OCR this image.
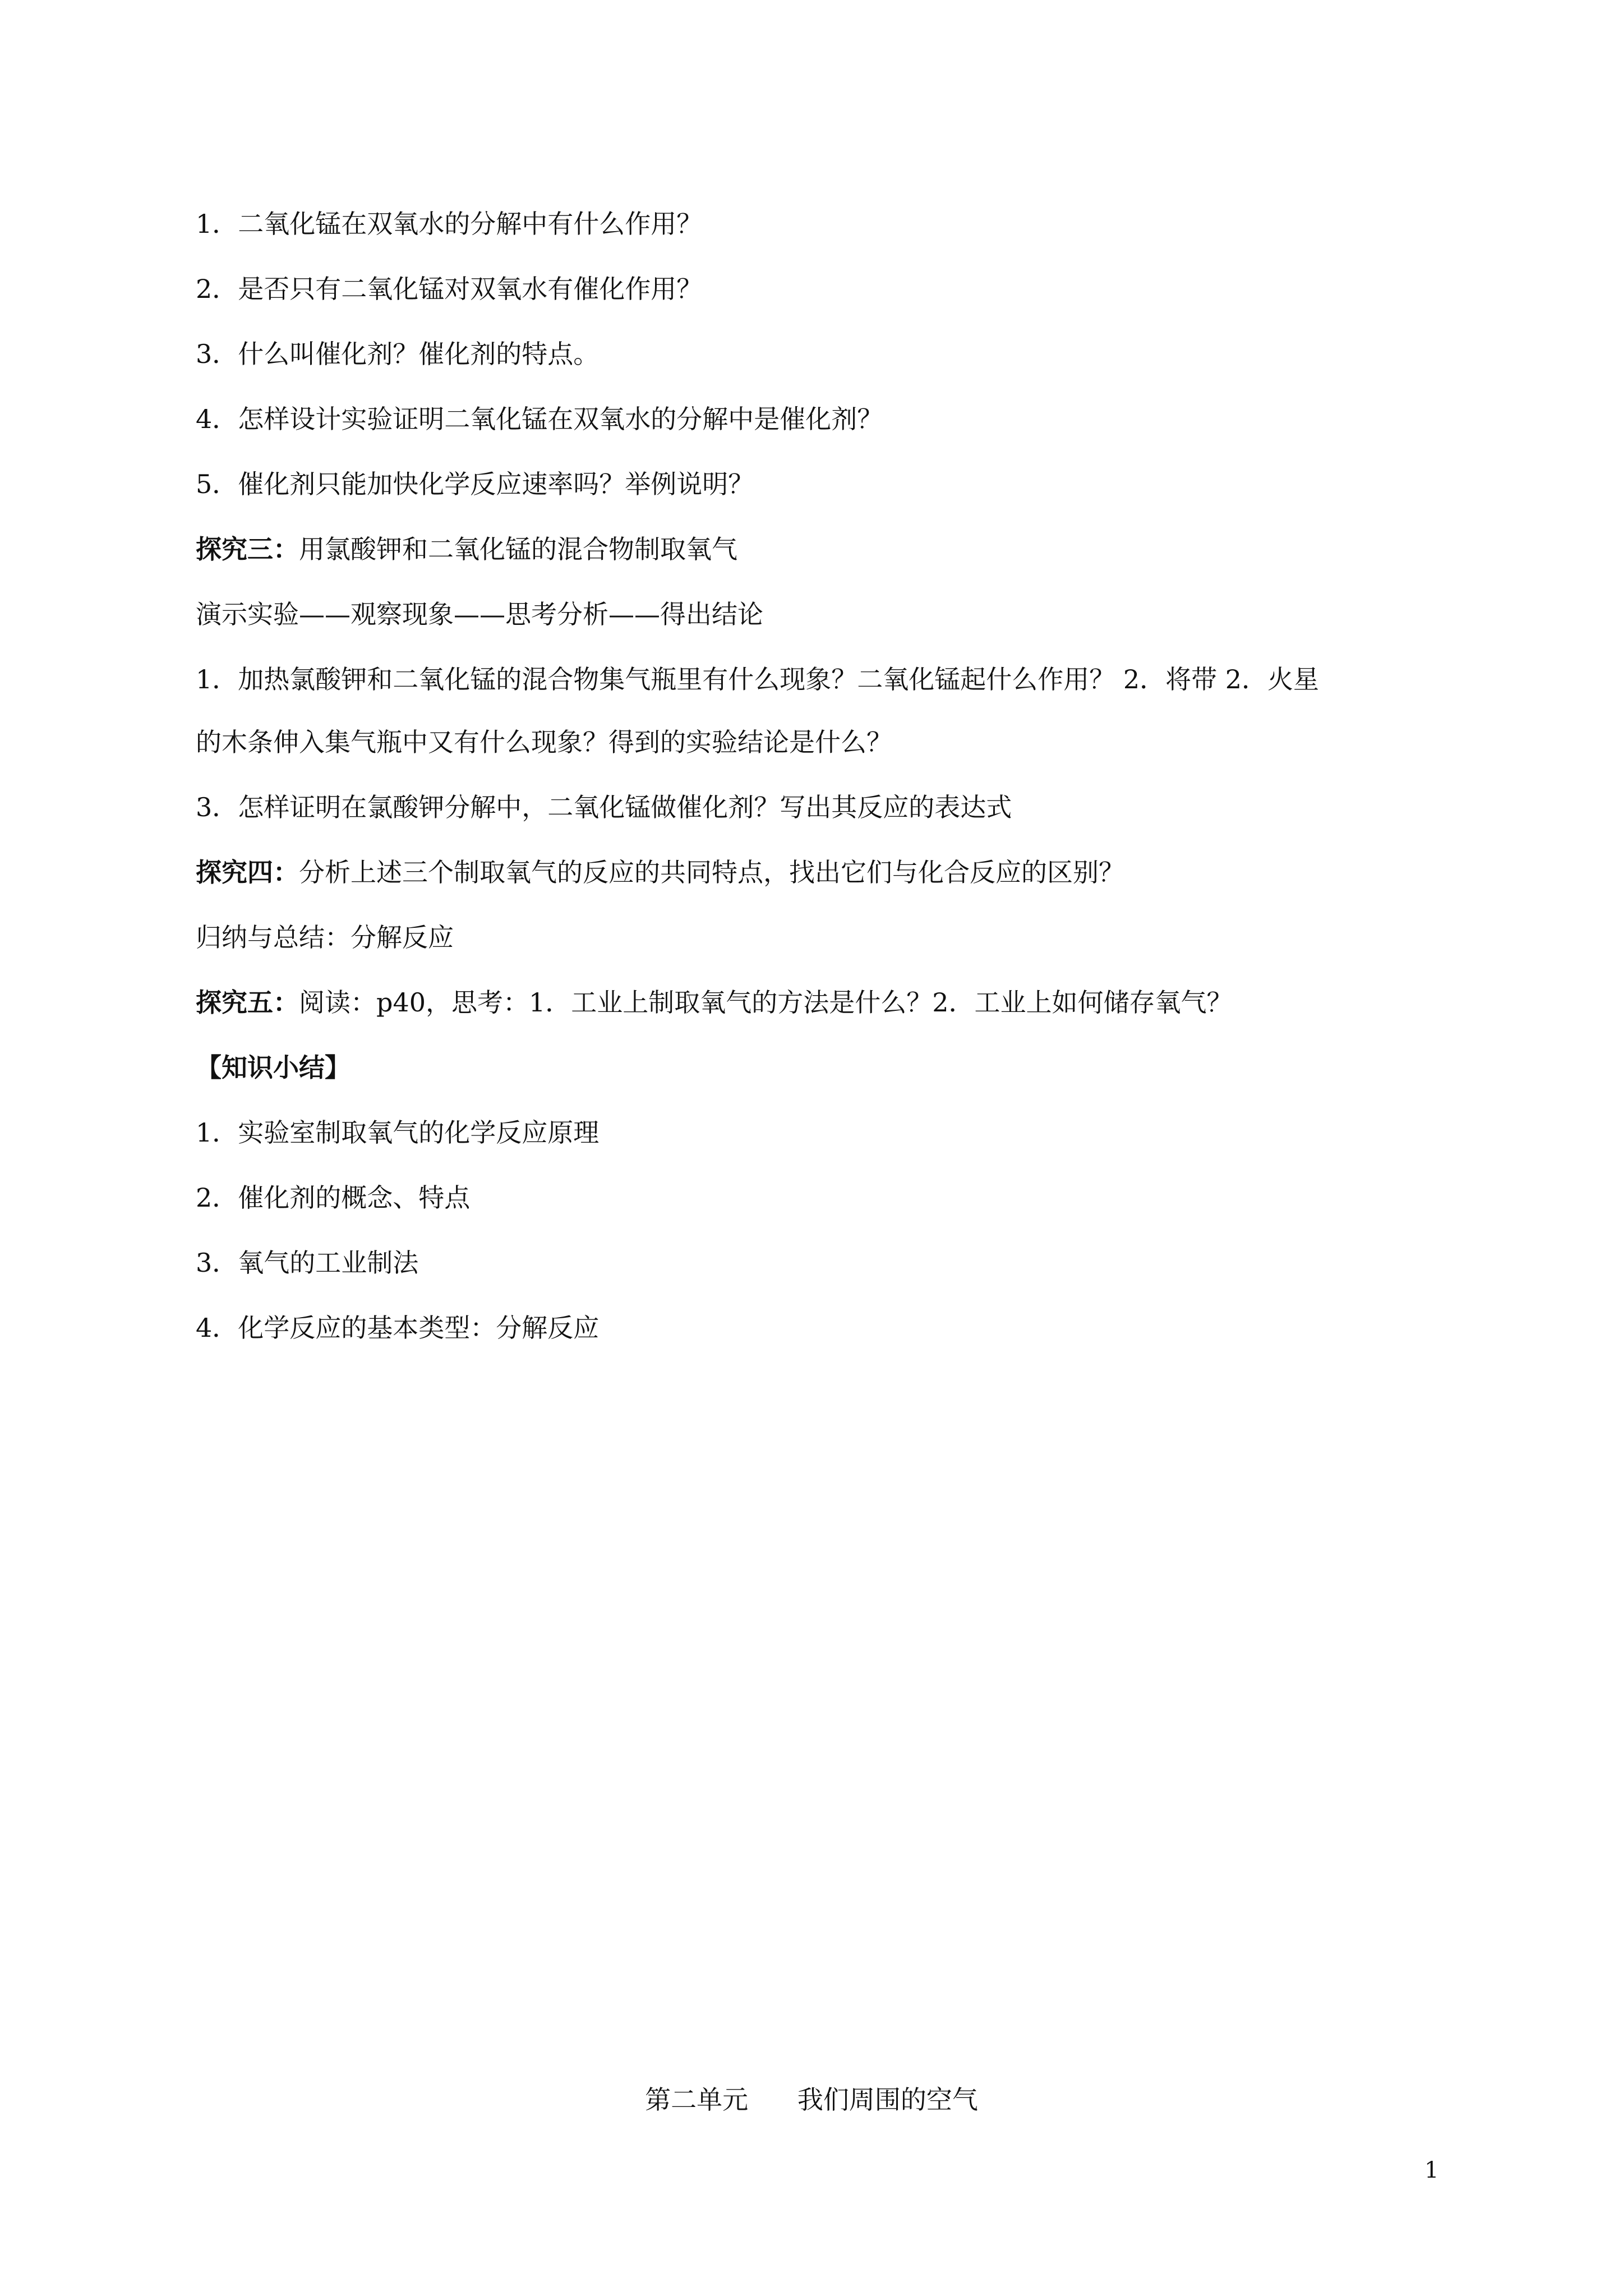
1．二氧化锰在双氧水的分解中有什么作用？
2．是否只有二氧化锰对双氧水有催化作用？
3．什么叫催化剂？催化剂的特点。
4．怎样设计实验证明二氧化锰在双氧水的分解中是催化剂？
5．催化剂只能加快化学反应速率吗？举例说明？
探究三：用氯酸钾和二氧化锰的混合物制取氧气
演示实验——观察现象——思考分析——得出结论
1．加热氯酸钾和二氧化锰的混合物集气瓶里有什么现象？二氧化锰起什么作用？ 2．将带 2．火星
的木条伸入集气瓶中又有什么现象？得到的实验结论是什么？
3．怎样证明在氯酸钾分解中，二氧化锰做催化剂？写出其反应的表达式
探究四：分析上述三个制取氧气的反应的共同特点，找出它们与化合反应的区别？
归纳与总结：分解反应
探究五：阅读：p40，思考：1．工业上制取氧气的方法是什么？2．工业上如何储存氧气？
【知识小结】
1．实验室制取氧气的化学反应原理
2．催化剂的概念、特点
3．氧气的工业制法
4．化学反应的基本类型：分解反应
第二单元 我们周围的空气
1
